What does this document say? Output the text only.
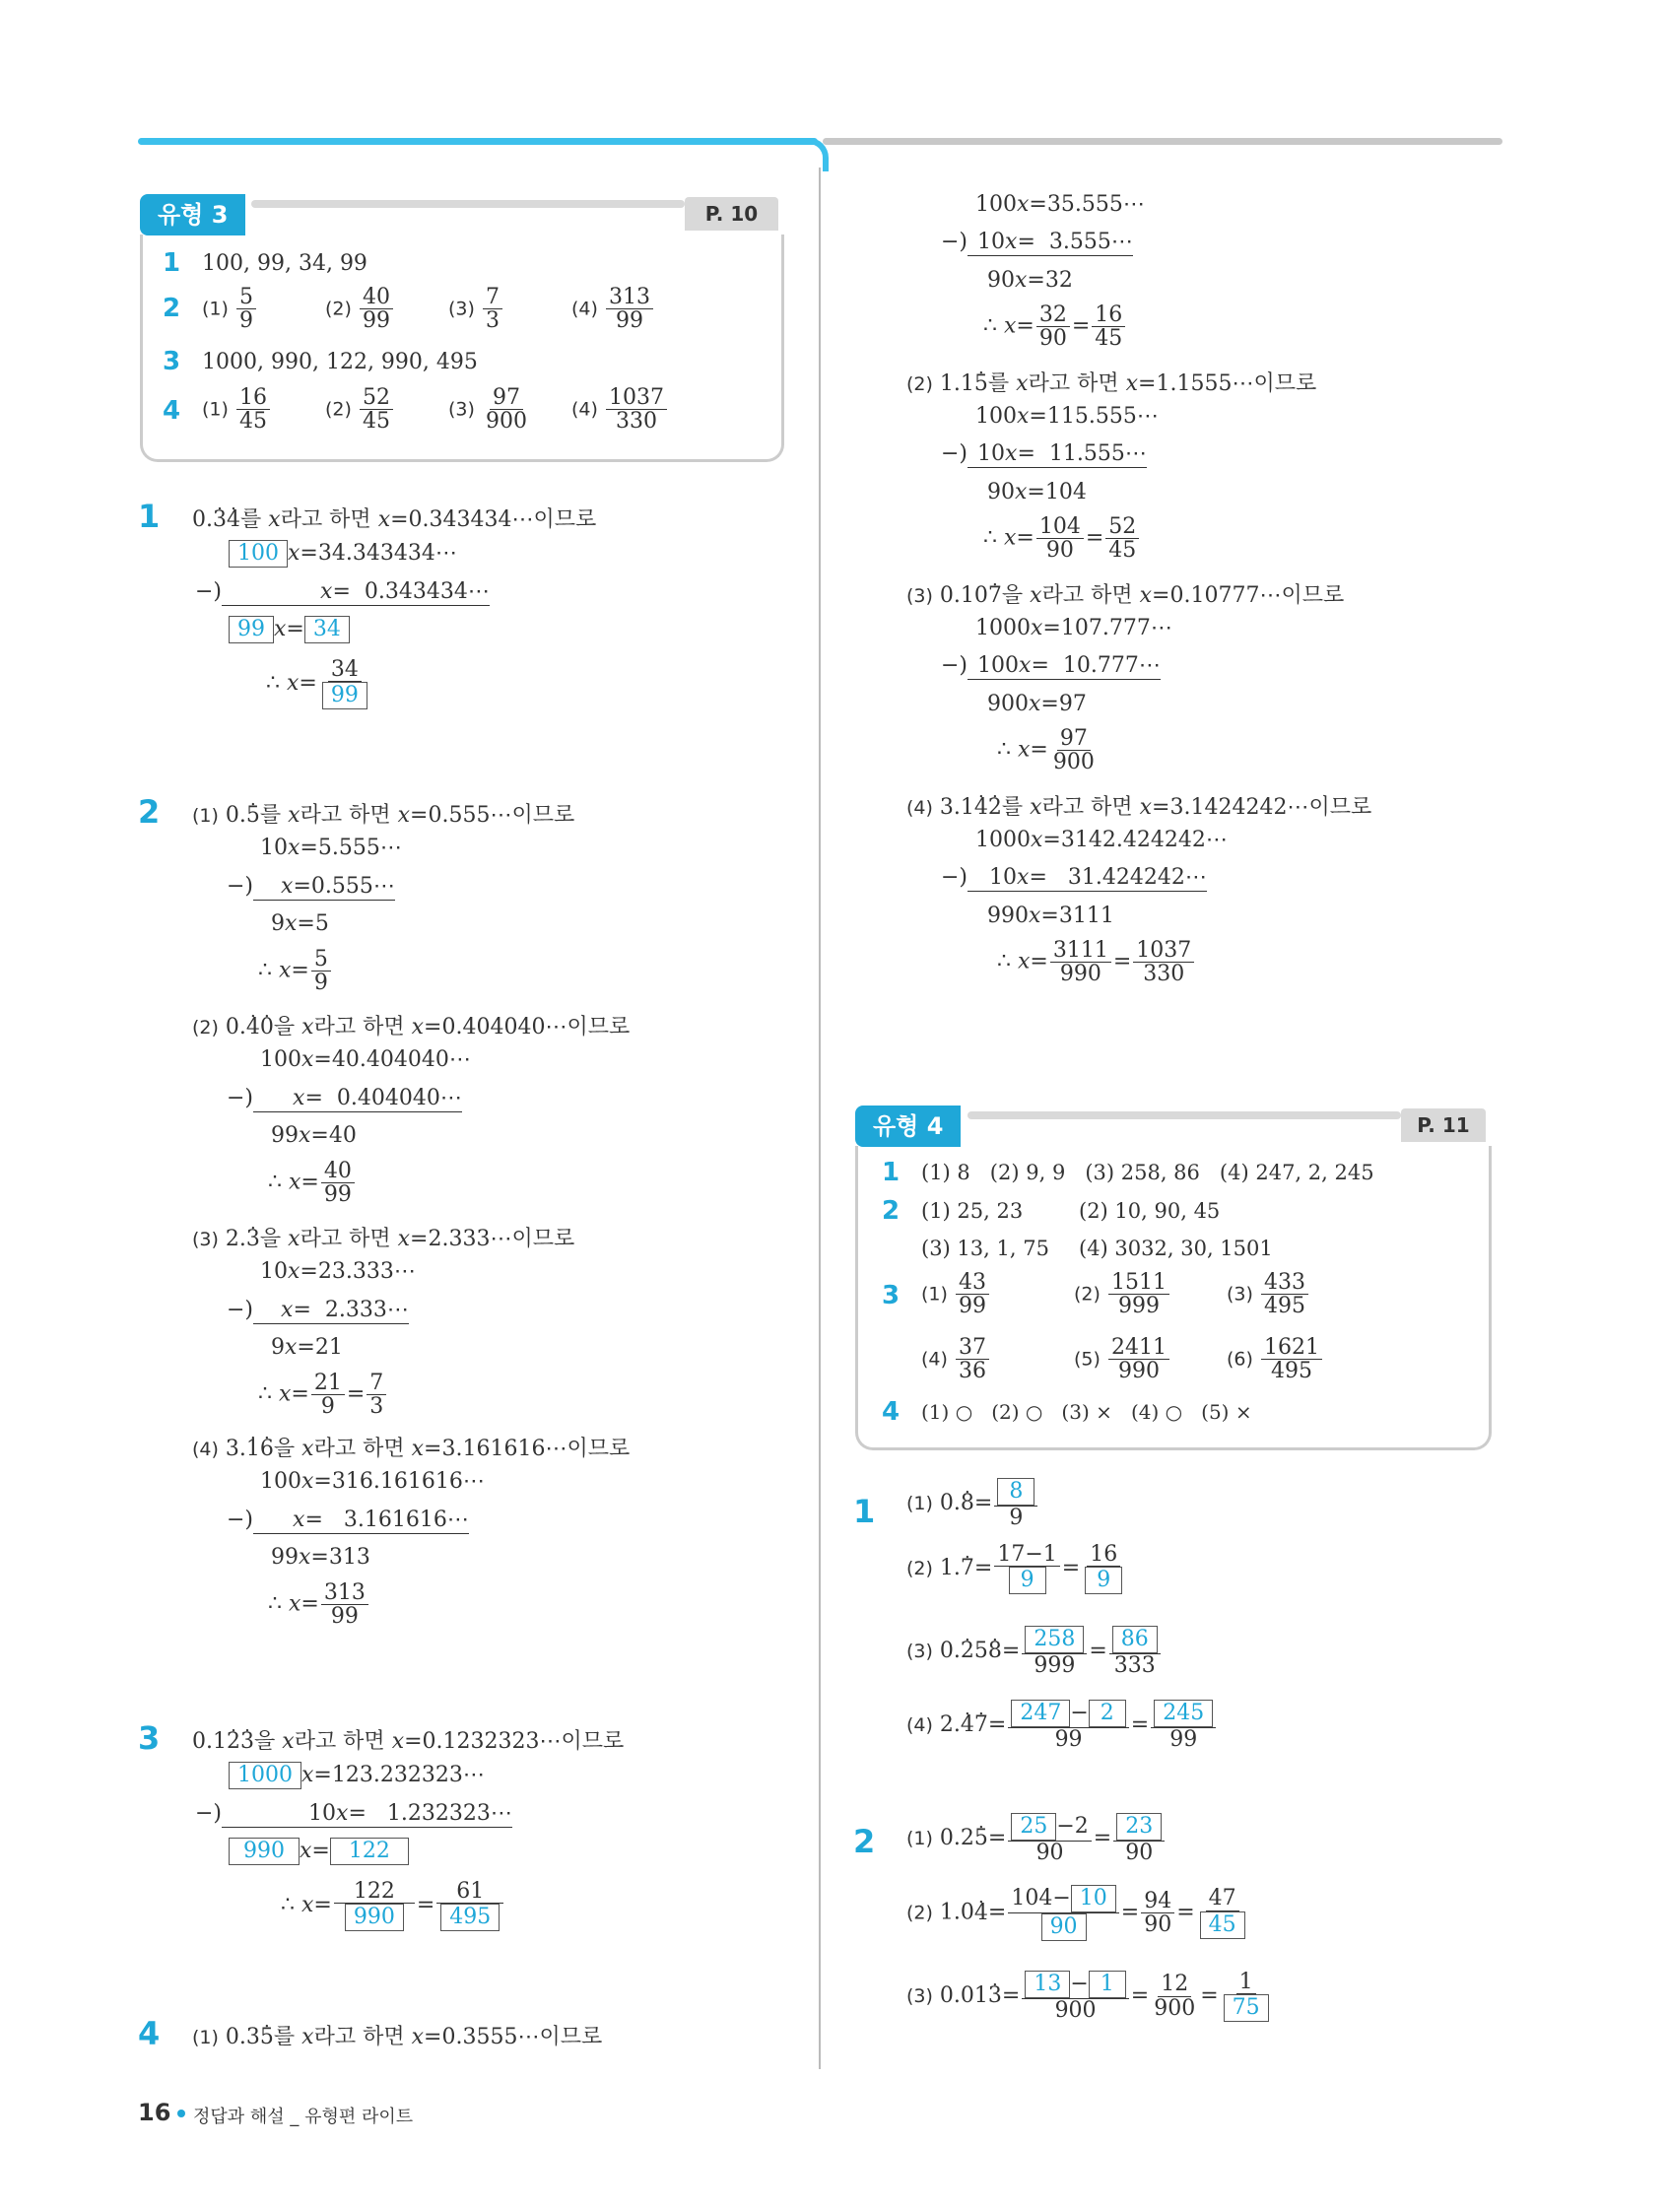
유형 3	P. 10
1 100, 99, 34, 99
2 $(1) \frac{5}{9}$	$(2) \frac{40}{99}$	$(3) \frac{7}{3}$	$(4) \frac{313}{99}$
3 1000, 990, 122, 990, 495
4 $(1) \frac{16}{45}$	$(2) \frac{52}{45}$	$(3) \frac{97}{900} (4) \frac{1037}{330}$
1 0.3 .4 .를 x라고 하면 x=0.343434⋯이므로
100 x=34.343434⋯
−)	x=  0.343434⋯
99 x= 34
∴ $x= \frac{34}{99}$
2 (1) 0.5 .를 x라고 하면 x=0.555⋯이므로
10x=5.555⋯
−) x=0.555⋯
9x=5
∴ $x= \frac{5}{9}$
(2) 0.4 .0 .을 x라고 하면 x=0.404040⋯이므로
100x=40.404040⋯
−) x=  0.404040⋯
99x=40
∴ $x= \frac{40}{99}$
(3) 2.3 .을 x라고 하면 x=2.333⋯이므로
10x=23.333⋯
−) x=  2.333⋯
9x=21
∴ $x= \frac{21}{9} = \frac{7}{3}$
(4) 3.1 .6 .을 x라고 하면 x=3.161616⋯이므로
100x=316.161616⋯
−) x=   3.161616⋯
99x=313
∴ $x= \frac{313}{99}$
3 0.12 .3 .을 x라고 하면 x=0.1232323⋯이므로
1000 x=123.232323⋯
−)	10x=   1.232323⋯
990 x= 122
∴ $x= \frac{122}{990} = \frac{61}{495}$
4 (1) 0.35 .를 x라고 하면 x=0.3555⋯이므로
100x=35.555⋯
−) 10x=  3.555⋯
90x=32
∴ $x= \frac{32}{90} = \frac{16}{45}$
(2) 1.15 .를 x라고 하면 x=1.1555⋯이므로
100x=115.555⋯
−) 10x=  11.555⋯
90x=104
∴ $x= \frac{104}{90} = \frac{52}{45}$
(3) 0.107 .을 x라고 하면 x=0.10777⋯이므로
1000x=107.777⋯
−) 100x=  10.777⋯
900x=97
∴ $x= \frac{97}{900}$
(4) 3.14 .2 .를 x라고 하면 x=3.1424242⋯이므로
1000x=3142.424242⋯
−) 10x=   31.424242⋯
990x=3111
∴ $x= \frac{3111}{990} = \frac{1037}{330}$
유형 4	P. 11
1 (1) 8   (2) 9, 9   (3) 258, 86   (4) 247, 2, 245
2 (1) 25, 23	(2) 10, 90, 45
(3) 13, 1, 75 (4) 3032, 30, 1501
3 $(1) \frac{43}{99}$	$(2) \frac{1511}{999}$	$(3) \frac{433}{495}$
$(4) \frac{37}{36}$	$(5) \frac{2411}{990}$	$(6) \frac{1621}{495}$
4 (1) ○   (2) ○   (3) ×   (4) ○   (5) ×
1 (1) 0.8 .= $\frac{8}{9}$
(2) 1.7 .= $\frac{17-1}{9} = \frac{16}{9}$
(3) 0.2 .58 .= $\frac{258}{999} = \frac{86}{333}$
(4) 2.4 .7 .= $\frac{247 - 2}{99} = \frac{245}{99}$
2 (1) 0.25 .= $\frac{25 -2}{90} = \frac{23}{90}$
(2) 1.04 .= $\frac{104- 10}{90} = \frac{94}{90} = \frac{47}{45}$
(3) 0.013 .= $\frac{13 - 1}{900} = \frac{12}{900} = \frac{1}{75}$
16 정답과 해설 _ 유형편 라이트
